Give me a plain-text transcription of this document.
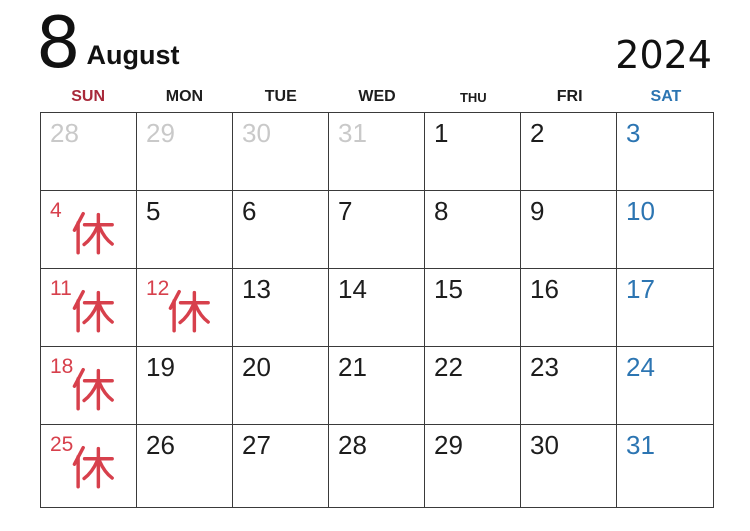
8 August	2024
SUN	MON	TUE	WED	THU	FRI	SAT
28	29	30	31	1	2	3
4	5	6	7	8	9	10
11	12	13	14	15	16	17
18	19	20	21	22	23	24
25	26	27	28	29	30	31
